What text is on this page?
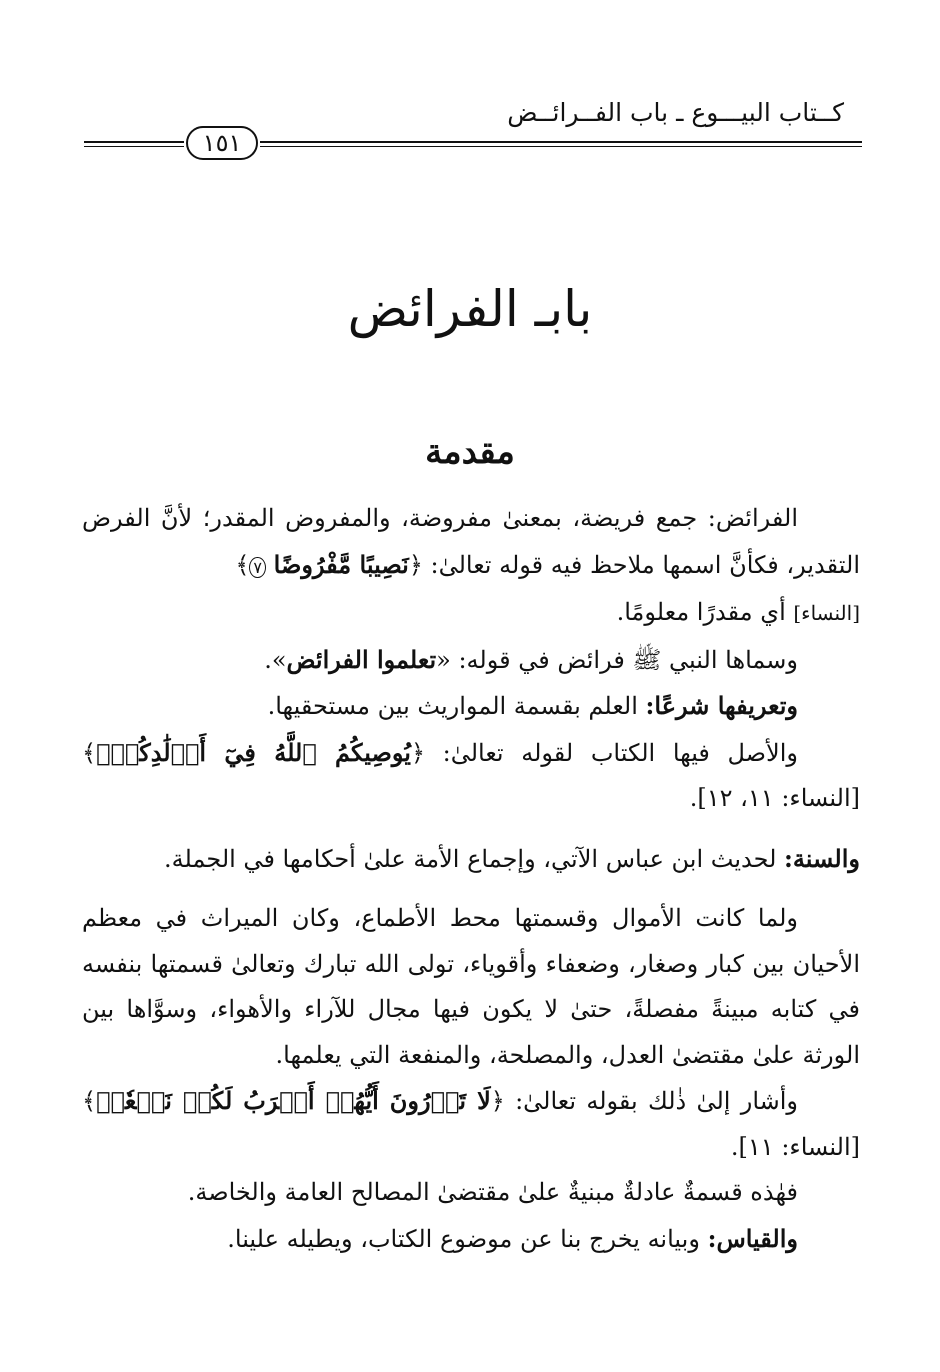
كــتاب البيـــوع ـ باب الفــرائــض
١٥١
بابـ الفرائض
مقدمة

الفرائض: جمع فريضة، بمعنىٰ مفروضة، والمفروض المقدر؛ لأنَّ الفرض التقدير، فكأنَّ اسمها ملاحظ فيه قوله تعالىٰ: ﴿نَصِيبًا مَّفْرُوضًا ٧﴾
[النساء] أي مقدرًا معلومًا.

وسماها النبي ﷺ فرائض في قوله: «تعلموا الفرائض».

وتعريفها شرعًا: العلم بقسمة المواريث بين مستحقيها.

والأصل فيها الكتاب لقوله تعالىٰ: ﴿يُوصِيكُمُ ٱللَّهُ فِيٓ أَوۡلَٰدِكُمۡۖ﴾ [النساء: ١١، ١٢].

والسنة: لحديث ابن عباس الآتي، وإجماع الأمة علىٰ أحكامها في الجملة.

ولما كانت الأموال وقسمتها محط الأطماع، وكان الميراث في معظم الأحيان بين كبار وصغار، وضعفاء وأقوياء، تولى الله تبارك وتعالىٰ قسمتها بنفسه في كتابه مبينةً مفصلةً، حتىٰ لا يكون فيها مجال للآراء والأهواء، وسوَّاها بين الورثة علىٰ مقتضىٰ العدل، والمصلحة، والمنفعة التي يعلمها.

وأشار إلىٰ ذٰلك بقوله تعالىٰ: ﴿لَا تَدۡرُونَ أَيُّهُمۡ أَقۡرَبُ لَكُمۡ نَفۡعٗاۚ﴾ [النساء: ١١].

فهٰذه قسمةٌ عادلةٌ مبنيةٌ علىٰ مقتضىٰ المصالح العامة والخاصة.

والقياس: وبيانه يخرج بنا عن موضوع الكتاب، ويطيله علينا.
